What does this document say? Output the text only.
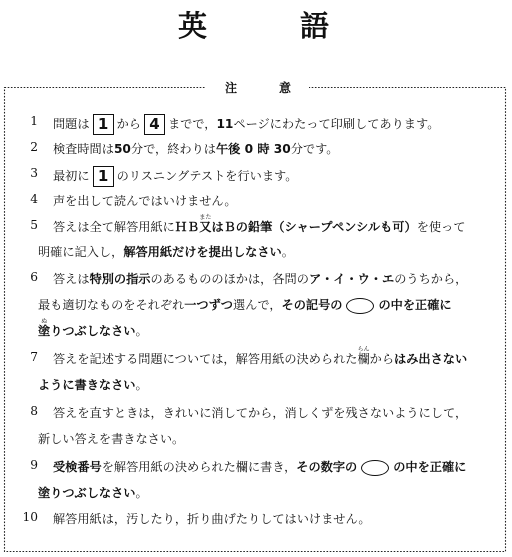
英	語
注	意
1 問題は 1 から 4 までで，11ページにわたって印刷してあります。
2 検査時間は50分で，終わりは午後 0 時 30分です。
3 最初に 1 のリスニングテストを行います。
4 声を出して読んではいけません。
5 答えは全て解答用紙にＨＢ又
また
はＢの鉛筆（シャープペンシルも可）を使って
明確に記入し，解答用紙だけを提出しなさい。
6 答えは特別の指示のあるもののほかは，各問のア・イ・ウ・エのうちから，
最も適切なものをそれぞれ一つずつ選んで，その記号の	の中を正確に
塗
ぬ
りつぶしなさい。
7 答えを記述する問題については，解答用紙の決められた欄
らん
からはみ出さない
ように書きなさい。
8 答えを直すときは，きれいに消してから，消しくずを残さないようにして，
新しい答えを書きなさい。
9 受検番号を解答用紙の決められた欄に書き，その数字の	の中を正確に
塗りつぶしなさい。
10 解答用紙は，汚したり，折り曲げたりしてはいけません。
